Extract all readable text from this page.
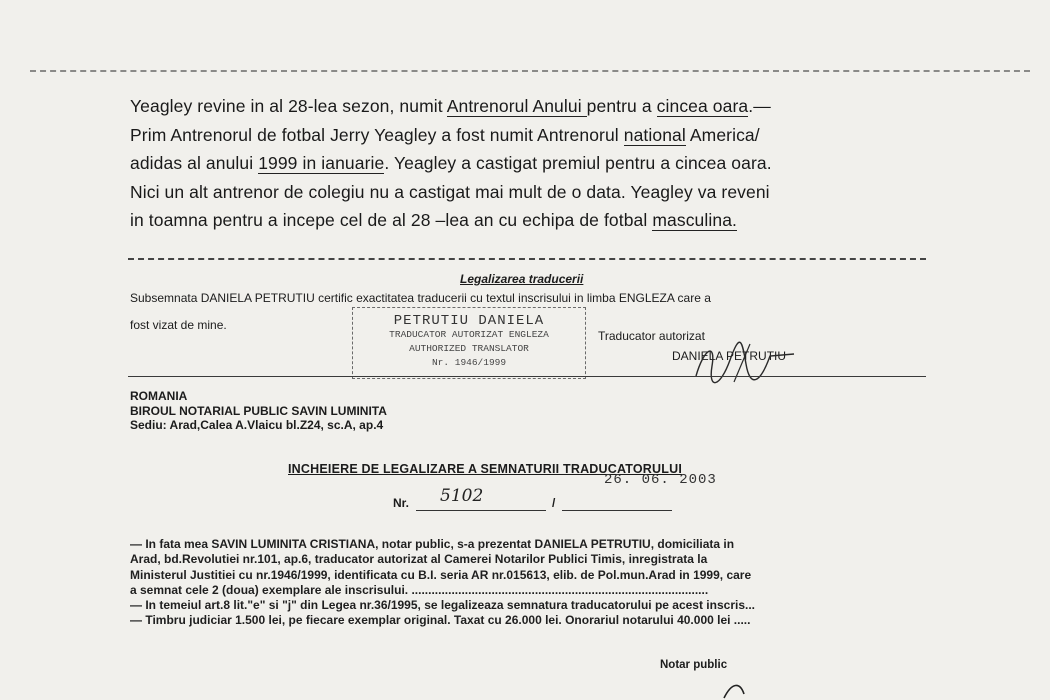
Yeagley revine in al 28-lea sezon, numit Antrenorul Anului pentru a cincea oara.—

Prim Antrenorul de fotbal Jerry Yeagley a fost numit Antrenorul national America/

adidas al anului 1999 in ianuarie. Yeagley a castigat premiul pentru a cincea oara.

Nici un alt antrenor de colegiu nu a castigat mai mult de o data. Yeagley va reveni

in toamna pentru a incepe cel de al 28 –lea an cu echipa de fotbal masculina.

Legalizarea traducerii
Subsemnata DANIELA PETRUTIU certific exactitatea traducerii cu textul inscrisului in limba ENGLEZA care a
fost vizat de mine.	PETRUTIU DANIELA
TRADUCATOR AUTORIZAT ENGLEZA
AUTHORIZED TRANSLATOR
Nr. 1946/1999
Traducator autorizat
DANIELA PETRUTIU
ROMANIA
BIROUL NOTARIAL PUBLIC SAVIN LUMINITA
Sediu: Arad,Calea A.Vlaicu bl.Z24, sc.A, ap.4
INCHEIERE DE LEGALIZARE A SEMNATURII TRADUCATORULUI
26. 06. 2003
Nr. 5102	/

— In fata mea SAVIN LUMINITA CRISTIANA, notar public, s-a prezentat DANIELA PETRUTIU, domiciliata in

Arad, bd.Revolutiei nr.101, ap.6, traducator autorizat al Camerei Notarilor Publici Timis, inregistrata la

Ministerul Justitiei cu nr.1946/1999, identificata cu B.I. seria AR nr.015613, elib. de Pol.mun.Arad in 1999, care

a semnat cele 2 (doua) exemplare ale inscrisului. .........................................................................................

— In temeiul art.8 lit."e" si "j" din Legea nr.36/1995, se legalizeaza semnatura traducatorului pe acest inscris...

— Timbru judiciar 1.500 lei, pe fiecare exemplar original. Taxat cu 26.000 lei. Onorariul notarului 40.000 lei .....

Notar public
